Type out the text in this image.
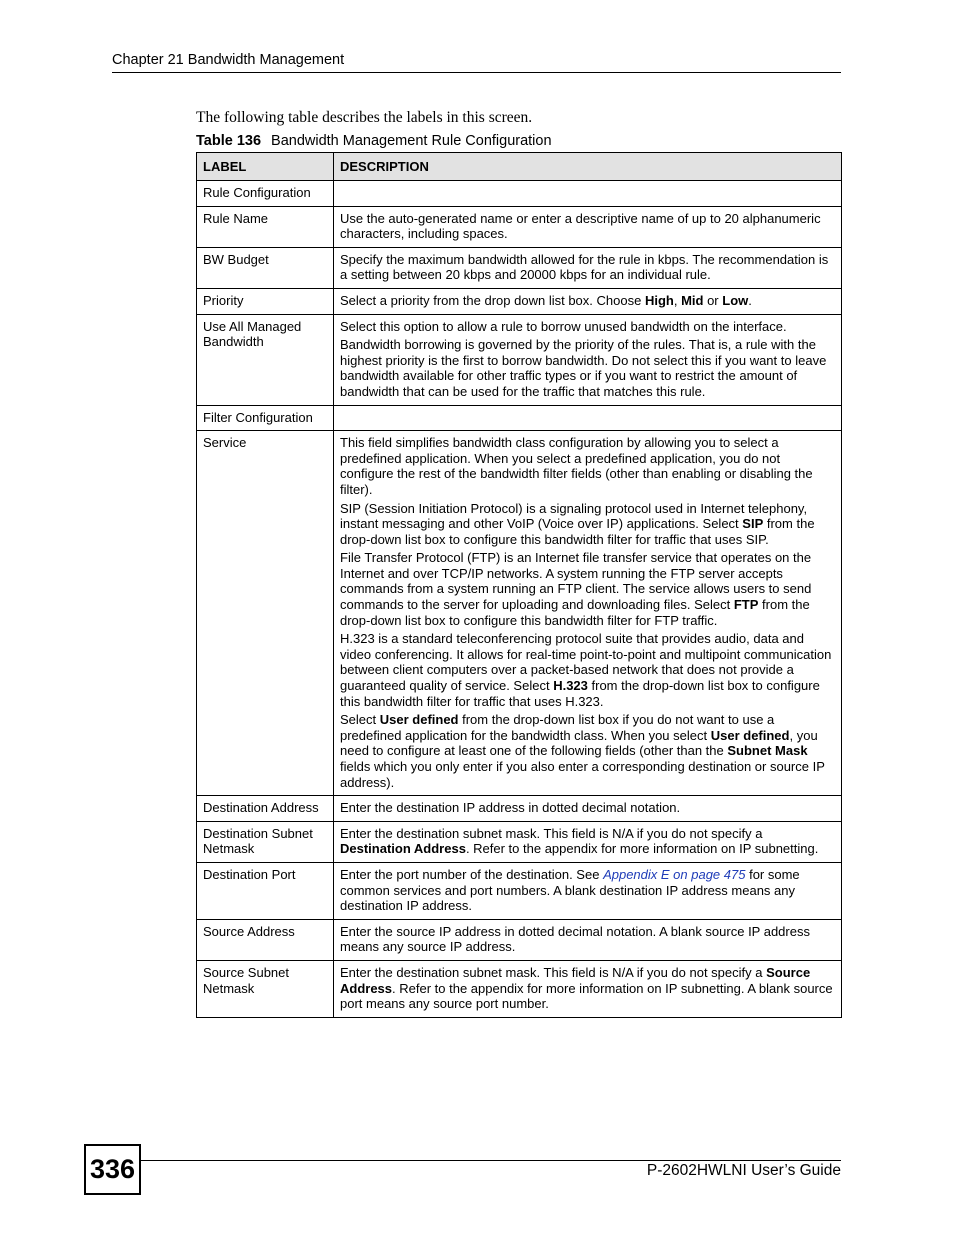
Chapter 21 Bandwidth Management
The following table describes the labels in this screen.
Table 136 Bandwidth Management Rule Configuration
LABEL	DESCRIPTION
Rule Configuration	
Rule Name	Use the auto-generated name or enter a descriptive name of up to 20 alphanumeric characters, including spaces.

BW Budget	Specify the maximum bandwidth allowed for the rule in kbps. The recommendation is a setting between 20 kbps and 20000 kbps for an individual rule.

Priority	Select a priority from the drop down list box. Choose High, Mid or Low.

Use All Managed Bandwidth	Select this option to allow a rule to borrow unused bandwidth on the interface.

Bandwidth borrowing is governed by the priority of the rules. That is, a rule with the highest priority is the first to borrow bandwidth. Do not select this if you want to leave bandwidth available for other traffic types or if you want to restrict the amount of bandwidth that can be used for the traffic that matches this rule.

Filter Configuration	
Service	This field simplifies bandwidth class configuration by allowing you to select a predefined application. When you select a predefined application, you do not configure the rest of the bandwidth filter fields (other than enabling or disabling the filter).

SIP (Session Initiation Protocol) is a signaling protocol used in Internet telephony, instant messaging and other VoIP (Voice over IP) applications. Select SIP from the drop-down list box to configure this bandwidth filter for traffic that uses SIP.

File Transfer Protocol (FTP) is an Internet file transfer service that operates on the Internet and over TCP/IP networks. A system running the FTP server accepts commands from a system running an FTP client. The service allows users to send commands to the server for uploading and downloading files. Select FTP from the drop-down list box to configure this bandwidth filter for FTP traffic.

H.323 is a standard teleconferencing protocol suite that provides audio, data and video conferencing. It allows for real-time point-to-point and multipoint communication between client computers over a packet-based network that does not provide a guaranteed quality of service. Select H.323 from the drop-down list box to configure this bandwidth filter for traffic that uses H.323.

Select User defined from the drop-down list box if you do not want to use a predefined application for the bandwidth class. When you select User defined, you need to configure at least one of the following fields (other than the Subnet Mask fields which you only enter if you also enter a corresponding destination or source IP address).

Destination Address	Enter the destination IP address in dotted decimal notation.

Destination Subnet Netmask	Enter the destination subnet mask. This field is N/A if you do not specify a Destination Address. Refer to the appendix for more information on IP subnetting.

Destination Port	Enter the port number of the destination. See Appendix E on page 475 for some common services and port numbers. A blank destination IP address means any destination IP address.

Source Address	Enter the source IP address in dotted decimal notation. A blank source IP address means any source IP address.

Source Subnet Netmask	Enter the destination subnet mask. This field is N/A if you do not specify a Source Address. Refer to the appendix for more information on IP subnetting. A blank source port means any source port number.

336	P-2602HWLNI User’s Guide
